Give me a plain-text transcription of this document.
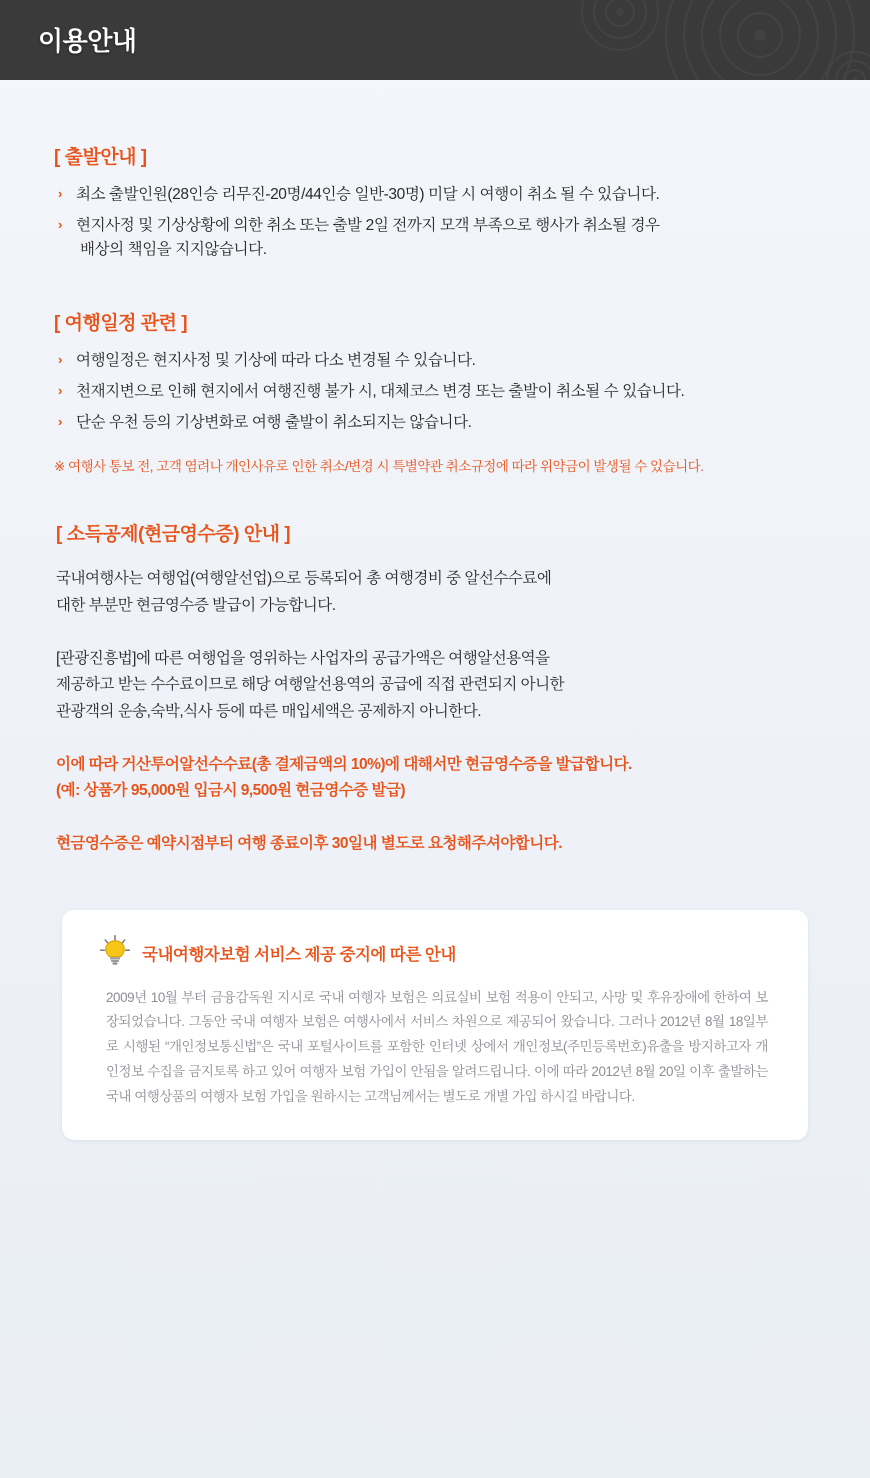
이용안내
[ 출발안내 ]
› 최소 출발인원(28인승 리무진-20명/44인승 일반-30명) 미달 시 여행이 취소 될 수 있습니다.
› 현지사정 및 기상상황에 의한 취소 또는 출발 2일 전까지 모객 부족으로 행사가 취소될 경우
배상의 책임을 지지않습니다.
[ 여행일정 관련 ]
› 여행일정은 현지사정 및 기상에 따라 다소 변경될 수 있습니다.
› 천재지변으로 인해 현지에서 여행진행 불가 시, 대체코스 변경 또는 출발이 취소될 수 있습니다.
› 단순 우천 등의 기상변화로 여행 출발이 취소되지는 않습니다.
※ 여행사 통보 전, 고객 염려나 개인사유로 인한 취소/변경 시 특별약관 취소규정에 따라 위약금이 발생될 수 있습니다.
[ 소득공제(현금영수증) 안내 ]
국내여행사는 여행업(여행알선업)으로 등록되어 총 여행경비 중 알선수수료에
대한 부분만 현금영수증 발급이 가능합니다.
[관광진흥법]에 따른 여행업을 영위하는 사업자의 공급가액은 여행알선용역을
제공하고 받는 수수료이므로 해당 여행알선용역의 공급에 직접 관련되지 아니한
관광객의 운송,숙박,식사 등에 따른 매입세액은 공제하지 아니한다.
이에 따라 거산투어알선수수료(총 결제금액의 10%)에 대해서만 현금영수증을 발급합니다.
(예: 상품가 95,000원 입금시 9,500원 현금영수증 발급)
현금영수증은 예약시점부터 여행 종료이후 30일내 별도로 요청해주셔야합니다.
국내여행자보험 서비스 제공 중지에 따른 안내
2009년 10월 부터 금융감독원 지시로 국내 여행자 보험은 의료실비 보험 적용이 안되고, 사망 및 후유장애에 한하여 보장되었습니다. 그동안 국내 여행자 보험은 여행사에서 서비스 차원으로 제공되어 왔습니다. 그러나 2012년 8월 18일부로 시행된 “개인정보통신법”은 국내 포털사이트를 포함한 인터넷 상에서 개인정보(주민등록번호)유출을 방지하고자 개인정보 수집을 금지토록 하고 있어 여행자 보험 가입이 안됨을 알려드립니다. 이에 따라 2012년 8월 20일 이후 출발하는 국내 여행상품의 여행자 보험 가입을 원하시는 고객님께서는 별도로 개별 가입 하시길 바랍니다.
